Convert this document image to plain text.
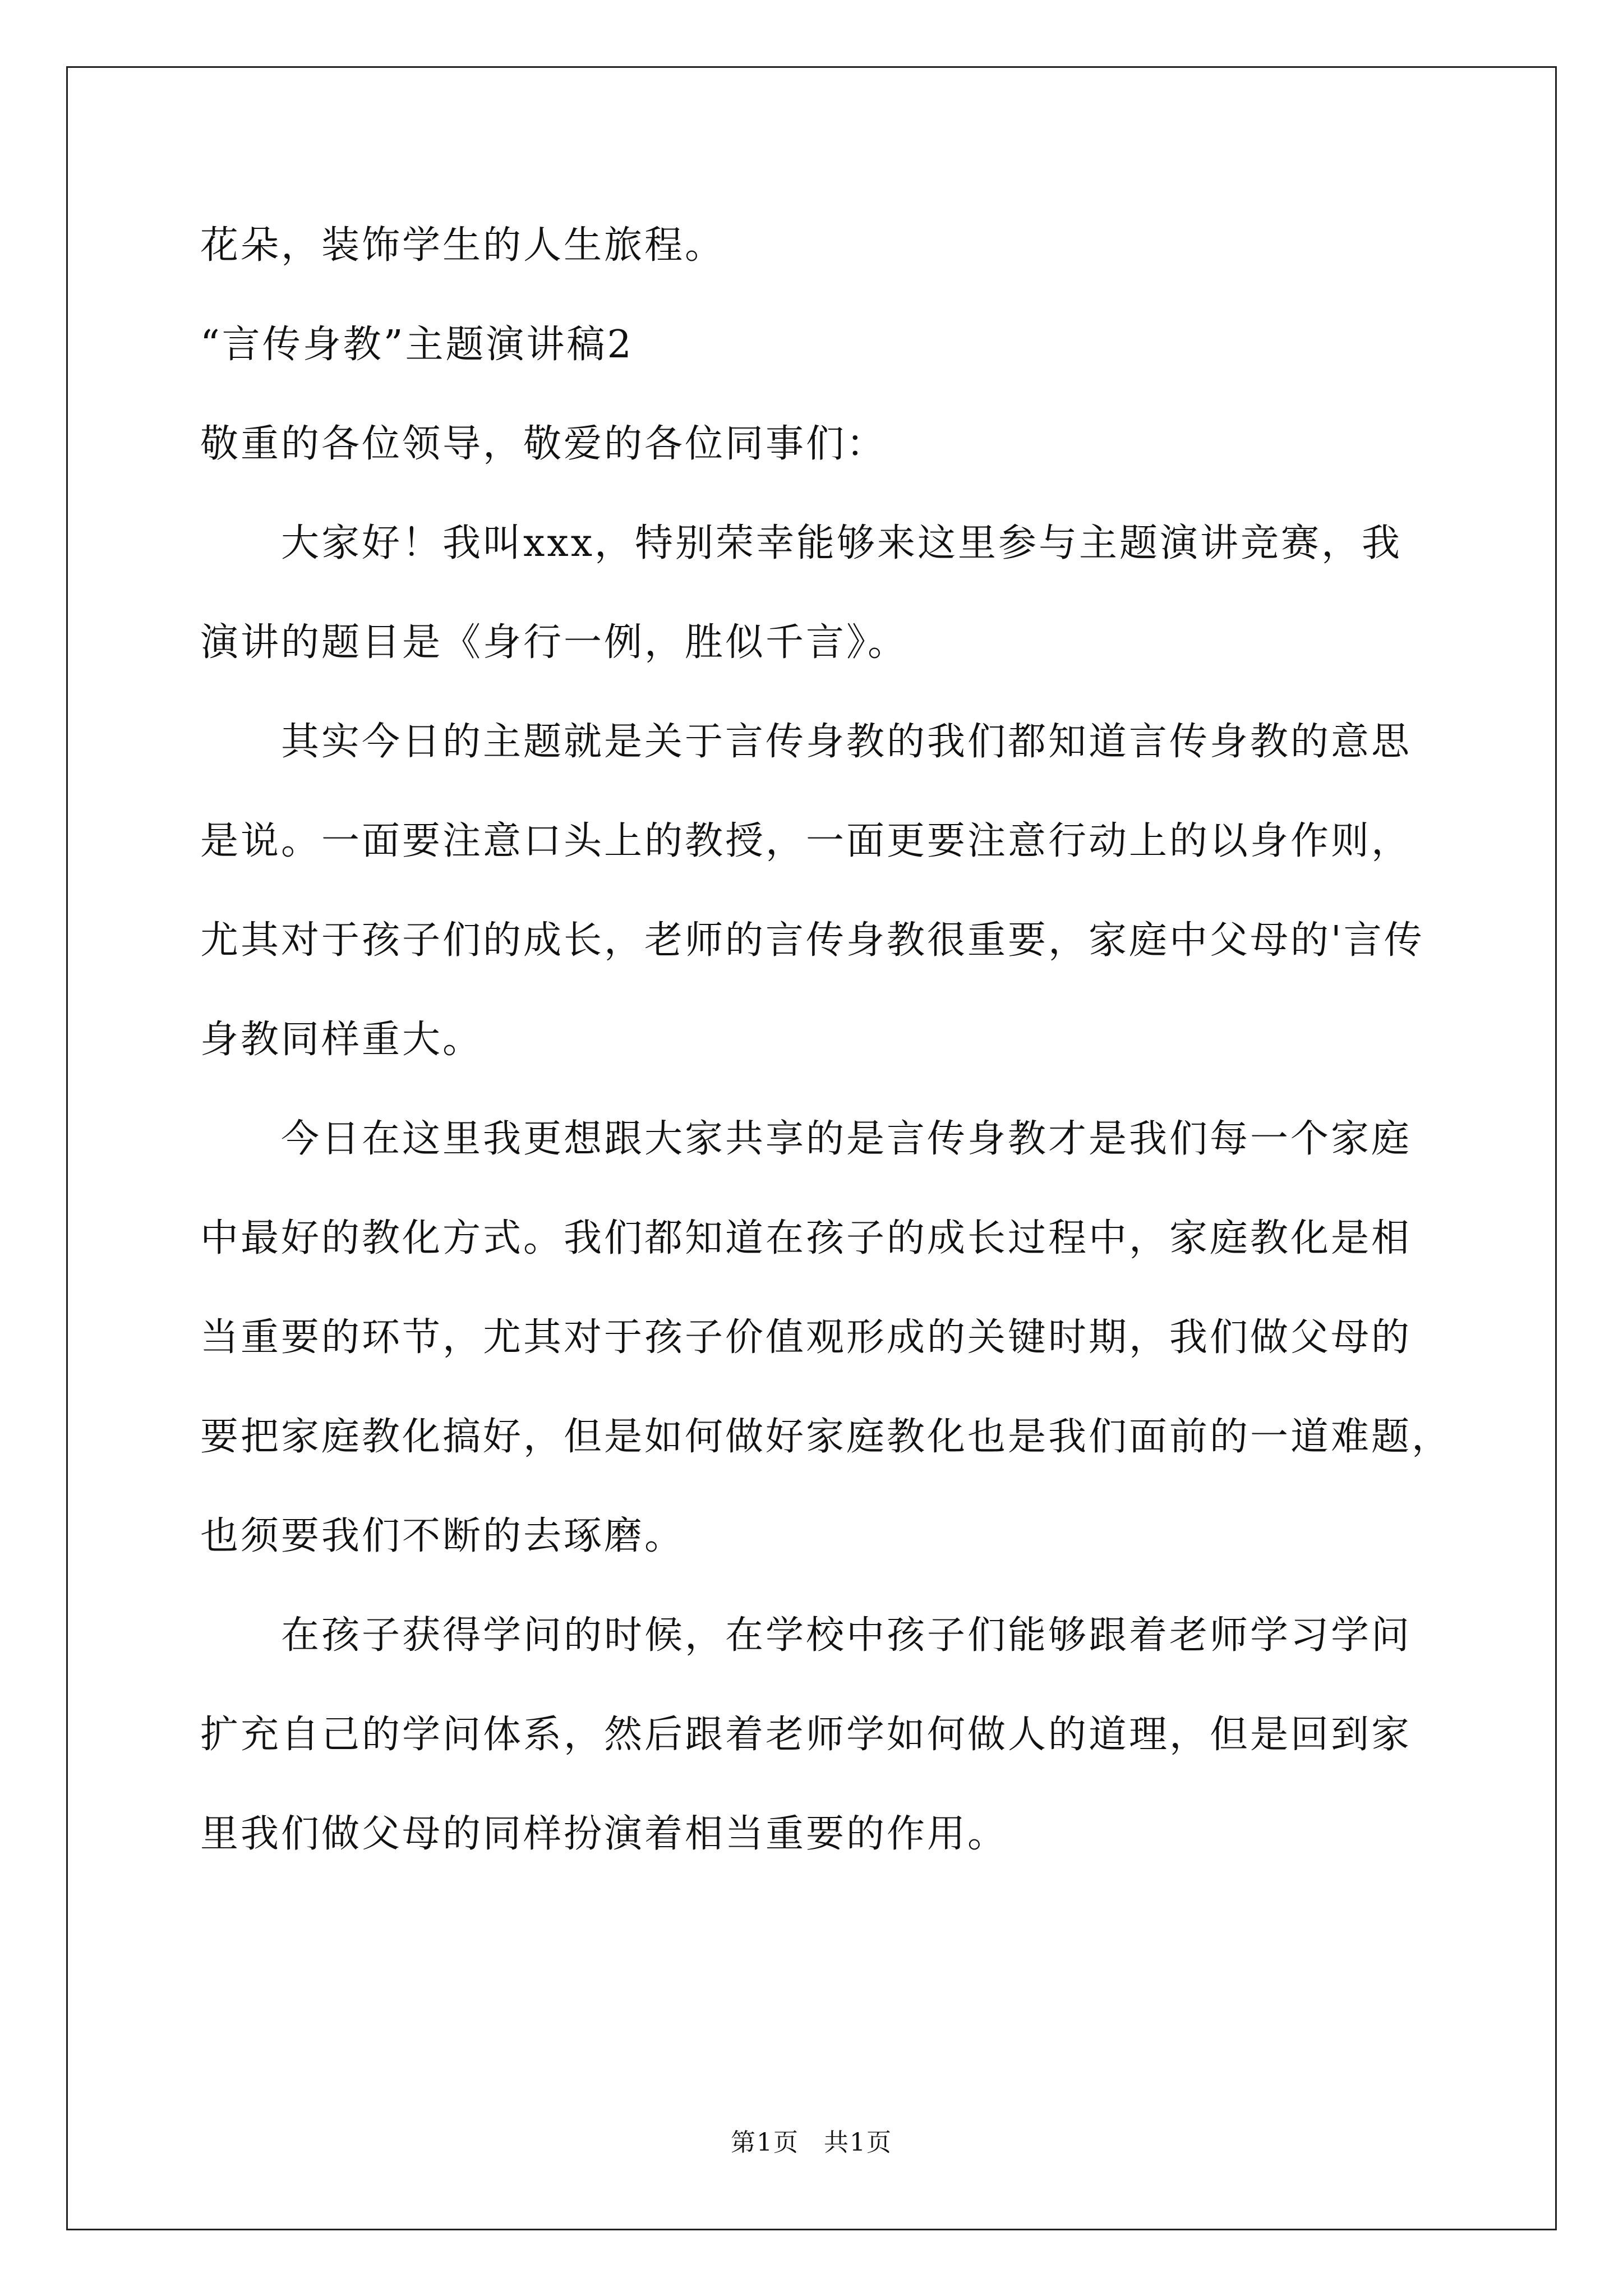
花朵，装饰学生的人生旅程。

“言传身教”主题演讲稿2

敬重的各位领导，敬爱的各位同事们：

大家好！我叫xxx，特别荣幸能够来这里参与主题演讲竞赛，我

演讲的题目是《身行一例，胜似千言》。

其实今日的主题就是关于言传身教的我们都知道言传身教的意思

是说。一面要注意口头上的教授，一面更要注意行动上的以身作则，

尤其对于孩子们的成长，老师的言传身教很重要，家庭中父母的'言传

身教同样重大。

今日在这里我更想跟大家共享的是言传身教才是我们每一个家庭

中最好的教化方式。我们都知道在孩子的成长过程中，家庭教化是相

当重要的环节，尤其对于孩子价值观形成的关键时期，我们做父母的

要把家庭教化搞好，但是如何做好家庭教化也是我们面前的一道难题，

也须要我们不断的去琢磨。

在孩子获得学问的时候，在学校中孩子们能够跟着老师学习学问

扩充自己的学问体系，然后跟着老师学如何做人的道理，但是回到家

里我们做父母的同样扮演着相当重要的作用。

第1页 共1页
